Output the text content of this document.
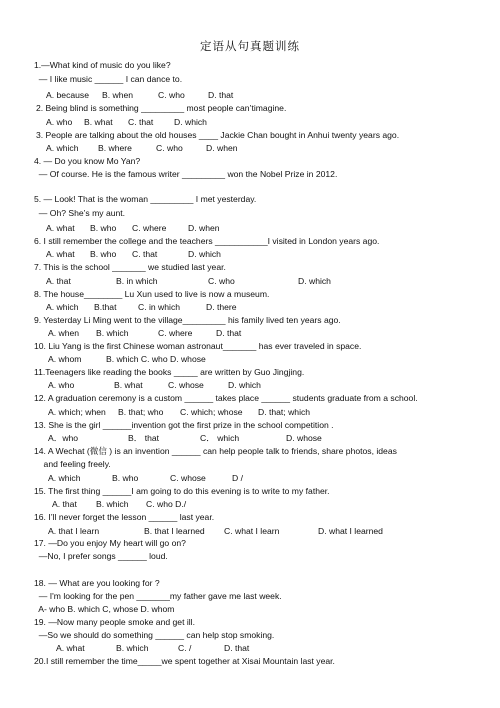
定语从句真题训练
1.—What kind of music do you like?
— I like music ______ I can dance to.
A. because B. when	C. who	D. that
2. Being blind is something _________ most people can’timagine.
A. who B. what C. that D. which
3. People are talking about the old houses ____ Jackie Chan bought in Anhui twenty years ago.
A. which B. where	C. who	D. when
4. — Do you know Mo Yan?
— Of course. He is the famous writer _________ won the Nobel Prize in 2012.
5. — Look! That is the woman _________ I met yesterday.
— Oh? She’s my aunt.
A. what B. who C. where	D. when
6. I still remember the college and the teachers ___________I visited in London years ago.
A. what B. who C. that	D. which
7. This is the school _______ we studied last year.
A. that	B. in which	C. who	D. which
8. The house________ Lu Xun used to live is now a museum.
A. which B.that	C. in which	D. there
9. Yesterday Li Ming went to the village_________ his family lived ten years ago.
A. when B. which	C. where	D. that
10. Liu Yang is the first Chinese woman astronaut_______ has ever traveled in space.
A. whom	B. which C. who D. whose
11.Teenagers like reading the books _____ are written by Guo Jingjing.
A. who	B. what	C. whose	D. which
12. A graduation ceremony is a custom ______ takes place ______ students graduate from a school.
A. which; when B. that; who C. which; whose D. that; which
13. She is the girl ______invention got the first prize in the school competition .
A．who	B． that	C． which	D. whose
14. A Wechat (微信 ) is an invention ______ can help people talk to friends, share photos, ideas
and feeling freely.
A. which	B. who	C. whose	D /
15. The first thing ______I am going to do this evening is to write to my father.
A. that B. which C. who D./
16. I’ll never forget the lesson ______ last year.
A. that I learn	B. that I learned C. what I learn	D. what I learned
17. —Do you enjoy My heart will go on?
—No, I prefer songs ______ loud.
18. — What are you looking for ?
— I'm looking for the pen _______my father gave me last week.
A- who B. which C, whose D. whom
19. —Now many people smoke and get ill.
—So we should do something ______ can help stop smoking.
A. what	B. which	C. /	D. that
20.I still remember the time_____we spent together at Xisai Mountain last year.
